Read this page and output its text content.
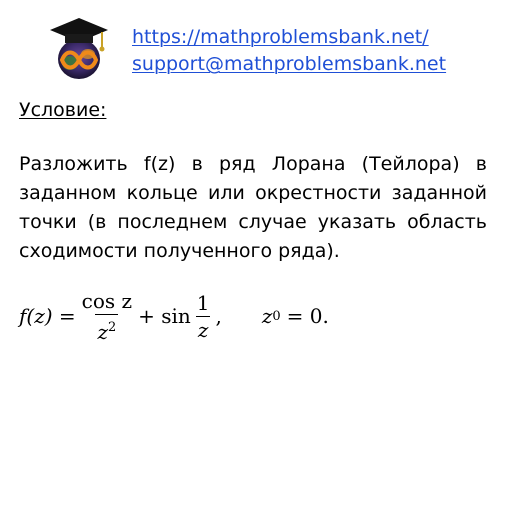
https://mathproblemsbank.net/
support@mathproblemsbank.net
Условие:
Разложить f(z) в ряд Лорана (Тейлора) в
заданном кольце или окрестности заданной
точки (в последнем случае указать область
сходимости полученного ряда).
$f(z) = \frac{\text{cos z}}{z^2} + \sin \frac{1}{z}$ , z 0 = 0.
